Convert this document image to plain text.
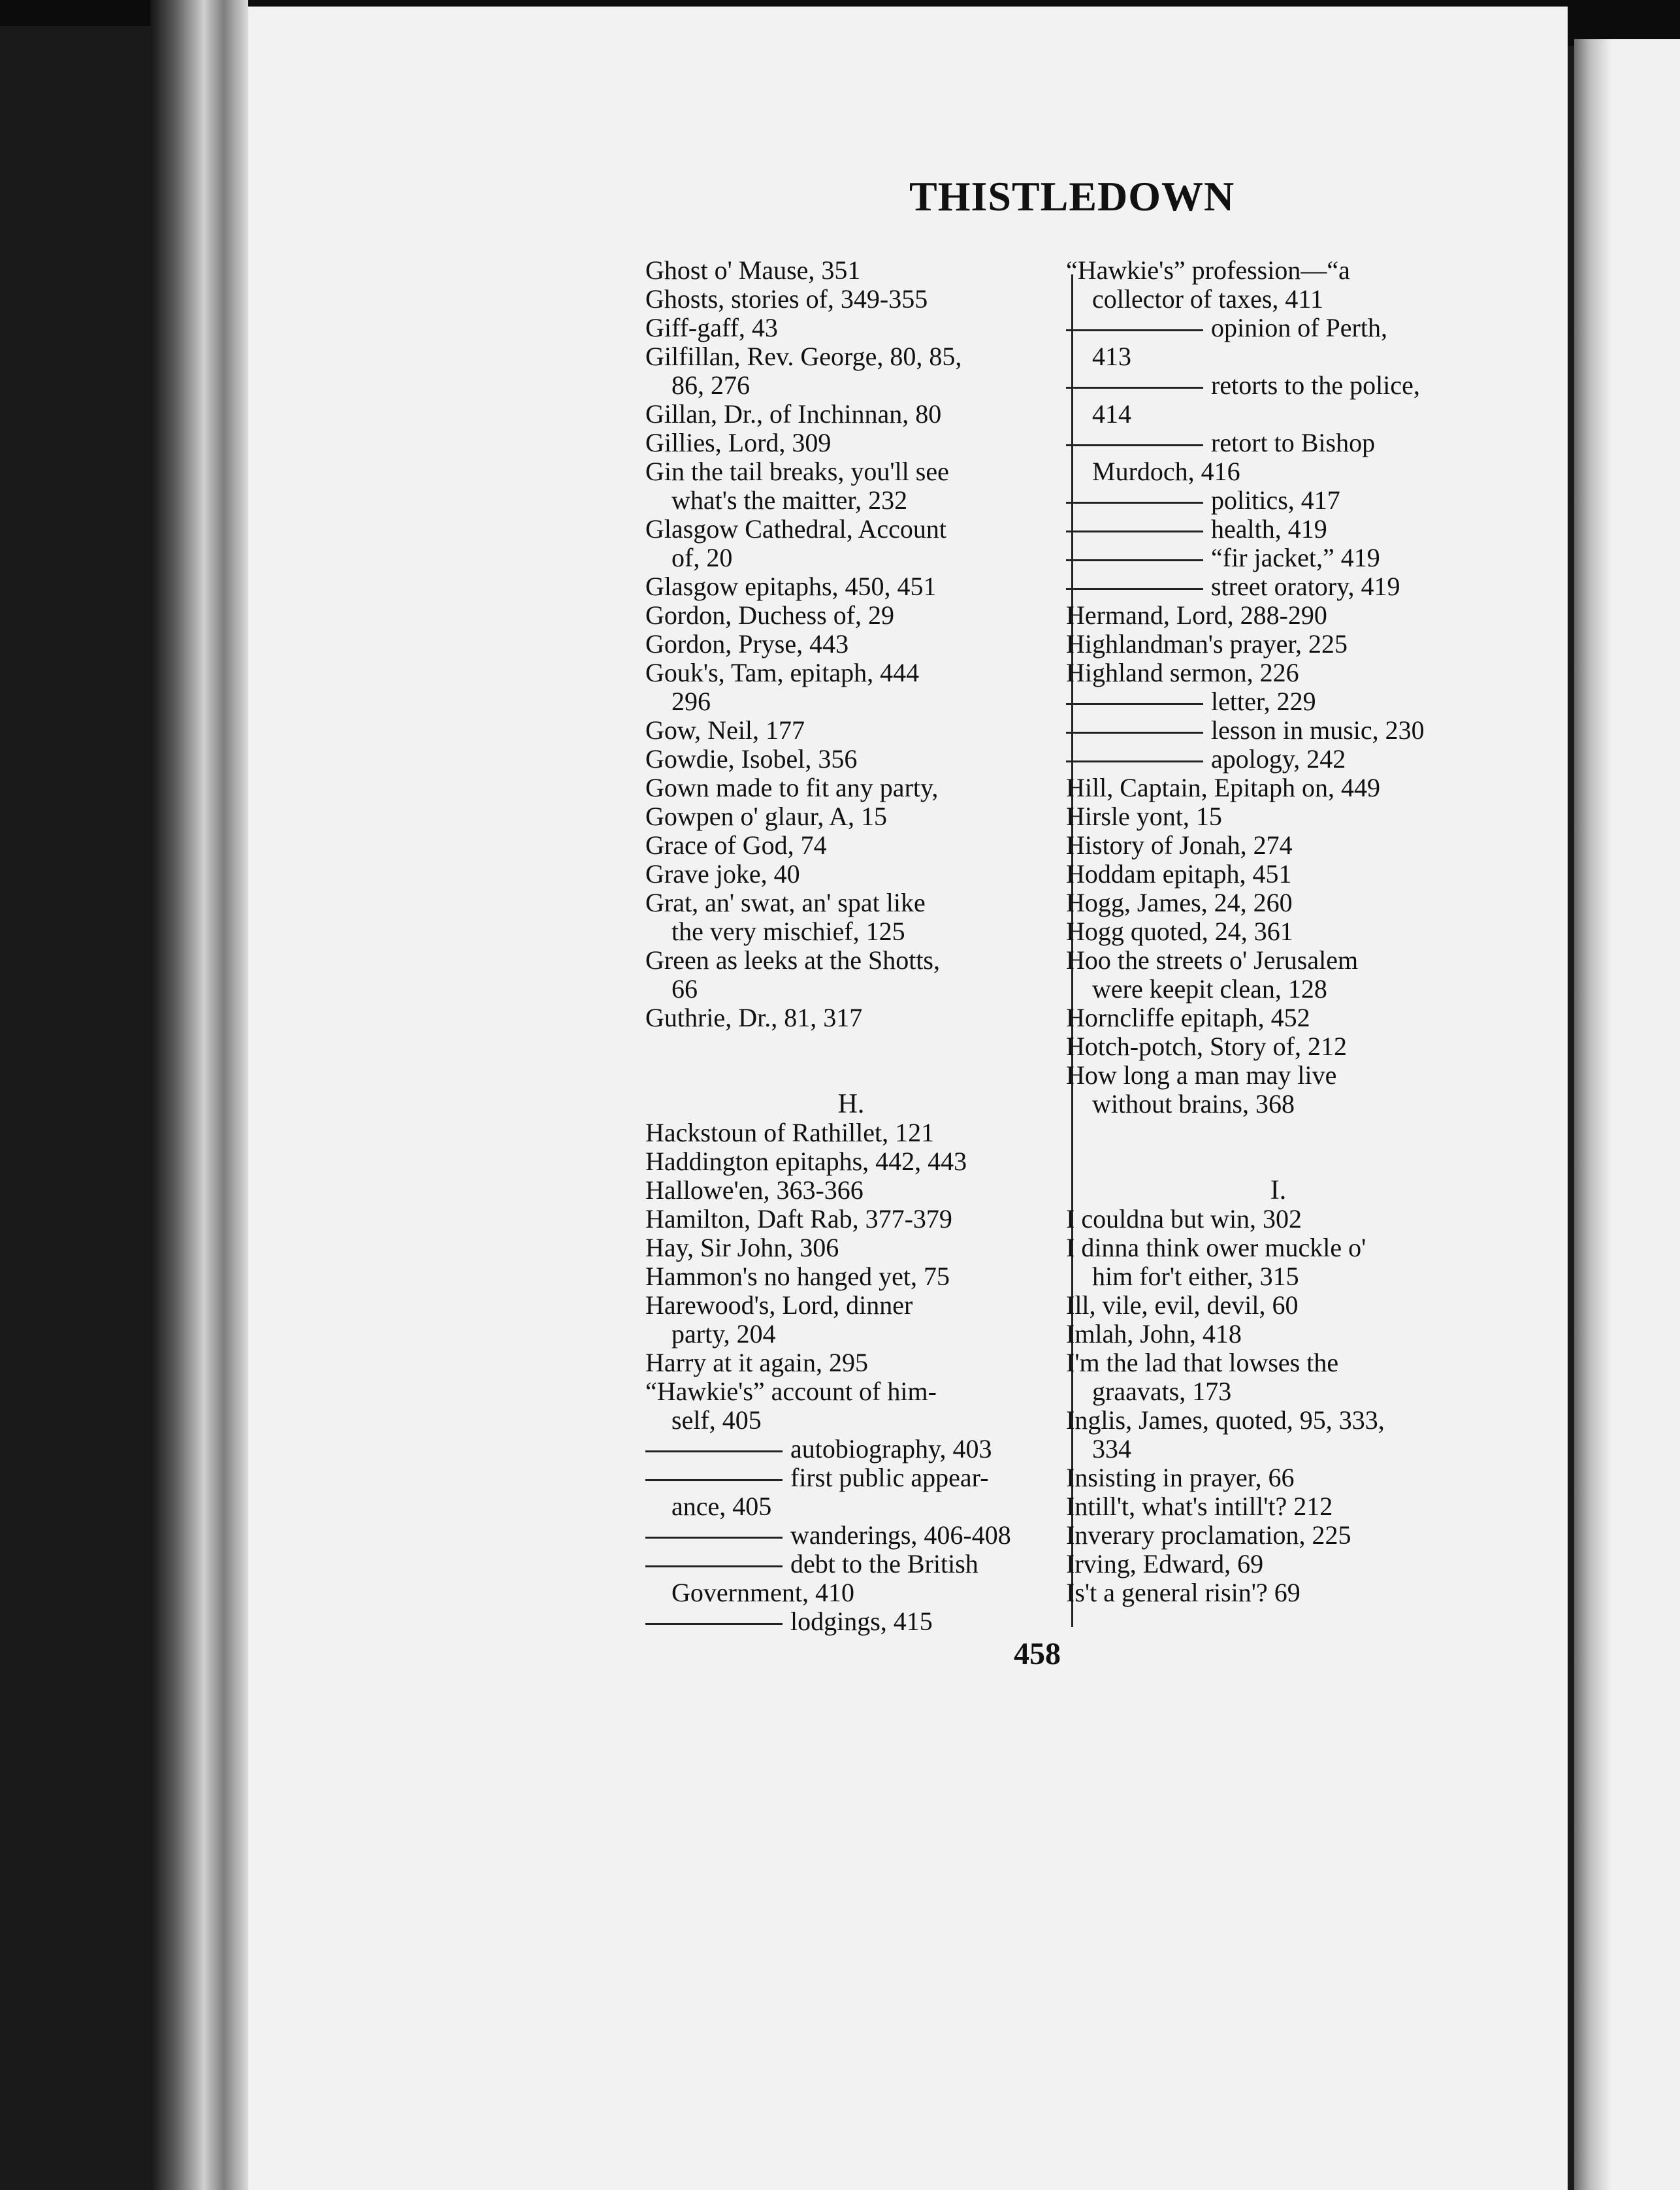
THISTLEDOWN
Ghost o' Mause, 351
Ghosts, stories of, 349-355
Giff-gaff, 43
Gilfillan, Rev. George, 80, 85,
86, 276
Gillan, Dr., of Inchinnan, 80
Gillies, Lord, 309
Gin the tail breaks, you'll see
what's the maitter, 232
Glasgow Cathedral, Account
of, 20
Glasgow epitaphs, 450, 451
Gordon, Duchess of, 29
Gordon, Pryse, 443
Gouk's, Tam, epitaph, 444
296
Gow, Neil, 177
Gowdie, Isobel, 356
Gown made to fit any party,
Gowpen o' glaur, A, 15
Grace of God, 74
Grave joke, 40
Grat, an' swat, an' spat like
the very mischief, 125
Green as leeks at the Shotts,
66
Guthrie, Dr., 81, 317
H.
Hackstoun of Rathillet, 121
Haddington epitaphs, 442, 443
Hallowe'en, 363-366
Hamilton, Daft Rab, 377-379
Hay, Sir John, 306
Hammon's no hanged yet, 75
Harewood's, Lord, dinner
party, 204
Harry at it again, 295
“Hawkie's” account of him-
self, 405
autobiography, 403
first public appear-
ance, 405
wanderings, 406-408
debt to the British
Government, 410
lodgings, 415
“Hawkie's” profession—“a
collector of taxes, 411
opinion of Perth,
413
retorts to the police,
414
retort to Bishop
Murdoch, 416
politics, 417
health, 419
“fir jacket,” 419
street oratory, 419
Hermand, Lord, 288-290
Highlandman's prayer, 225
Highland sermon, 226
letter, 229
lesson in music, 230
apology, 242
Hill, Captain, Epitaph on, 449
Hirsle yont, 15
History of Jonah, 274
Hoddam epitaph, 451
Hogg, James, 24, 260
Hogg quoted, 24, 361
Hoo the streets o' Jerusalem
were keepit clean, 128
Horncliffe epitaph, 452
Hotch-potch, Story of, 212
How long a man may live
without brains, 368
I.
I couldna but win, 302
I dinna think ower muckle o'
him for't either, 315
Ill, vile, evil, devil, 60
Imlah, John, 418
I'm the lad that lowses the
graavats, 173
Inglis, James, quoted, 95, 333,
334
Insisting in prayer, 66
Intill't, what's intill't? 212
Inverary proclamation, 225
Irving, Edward, 69
Is't a general risin'? 69
458
